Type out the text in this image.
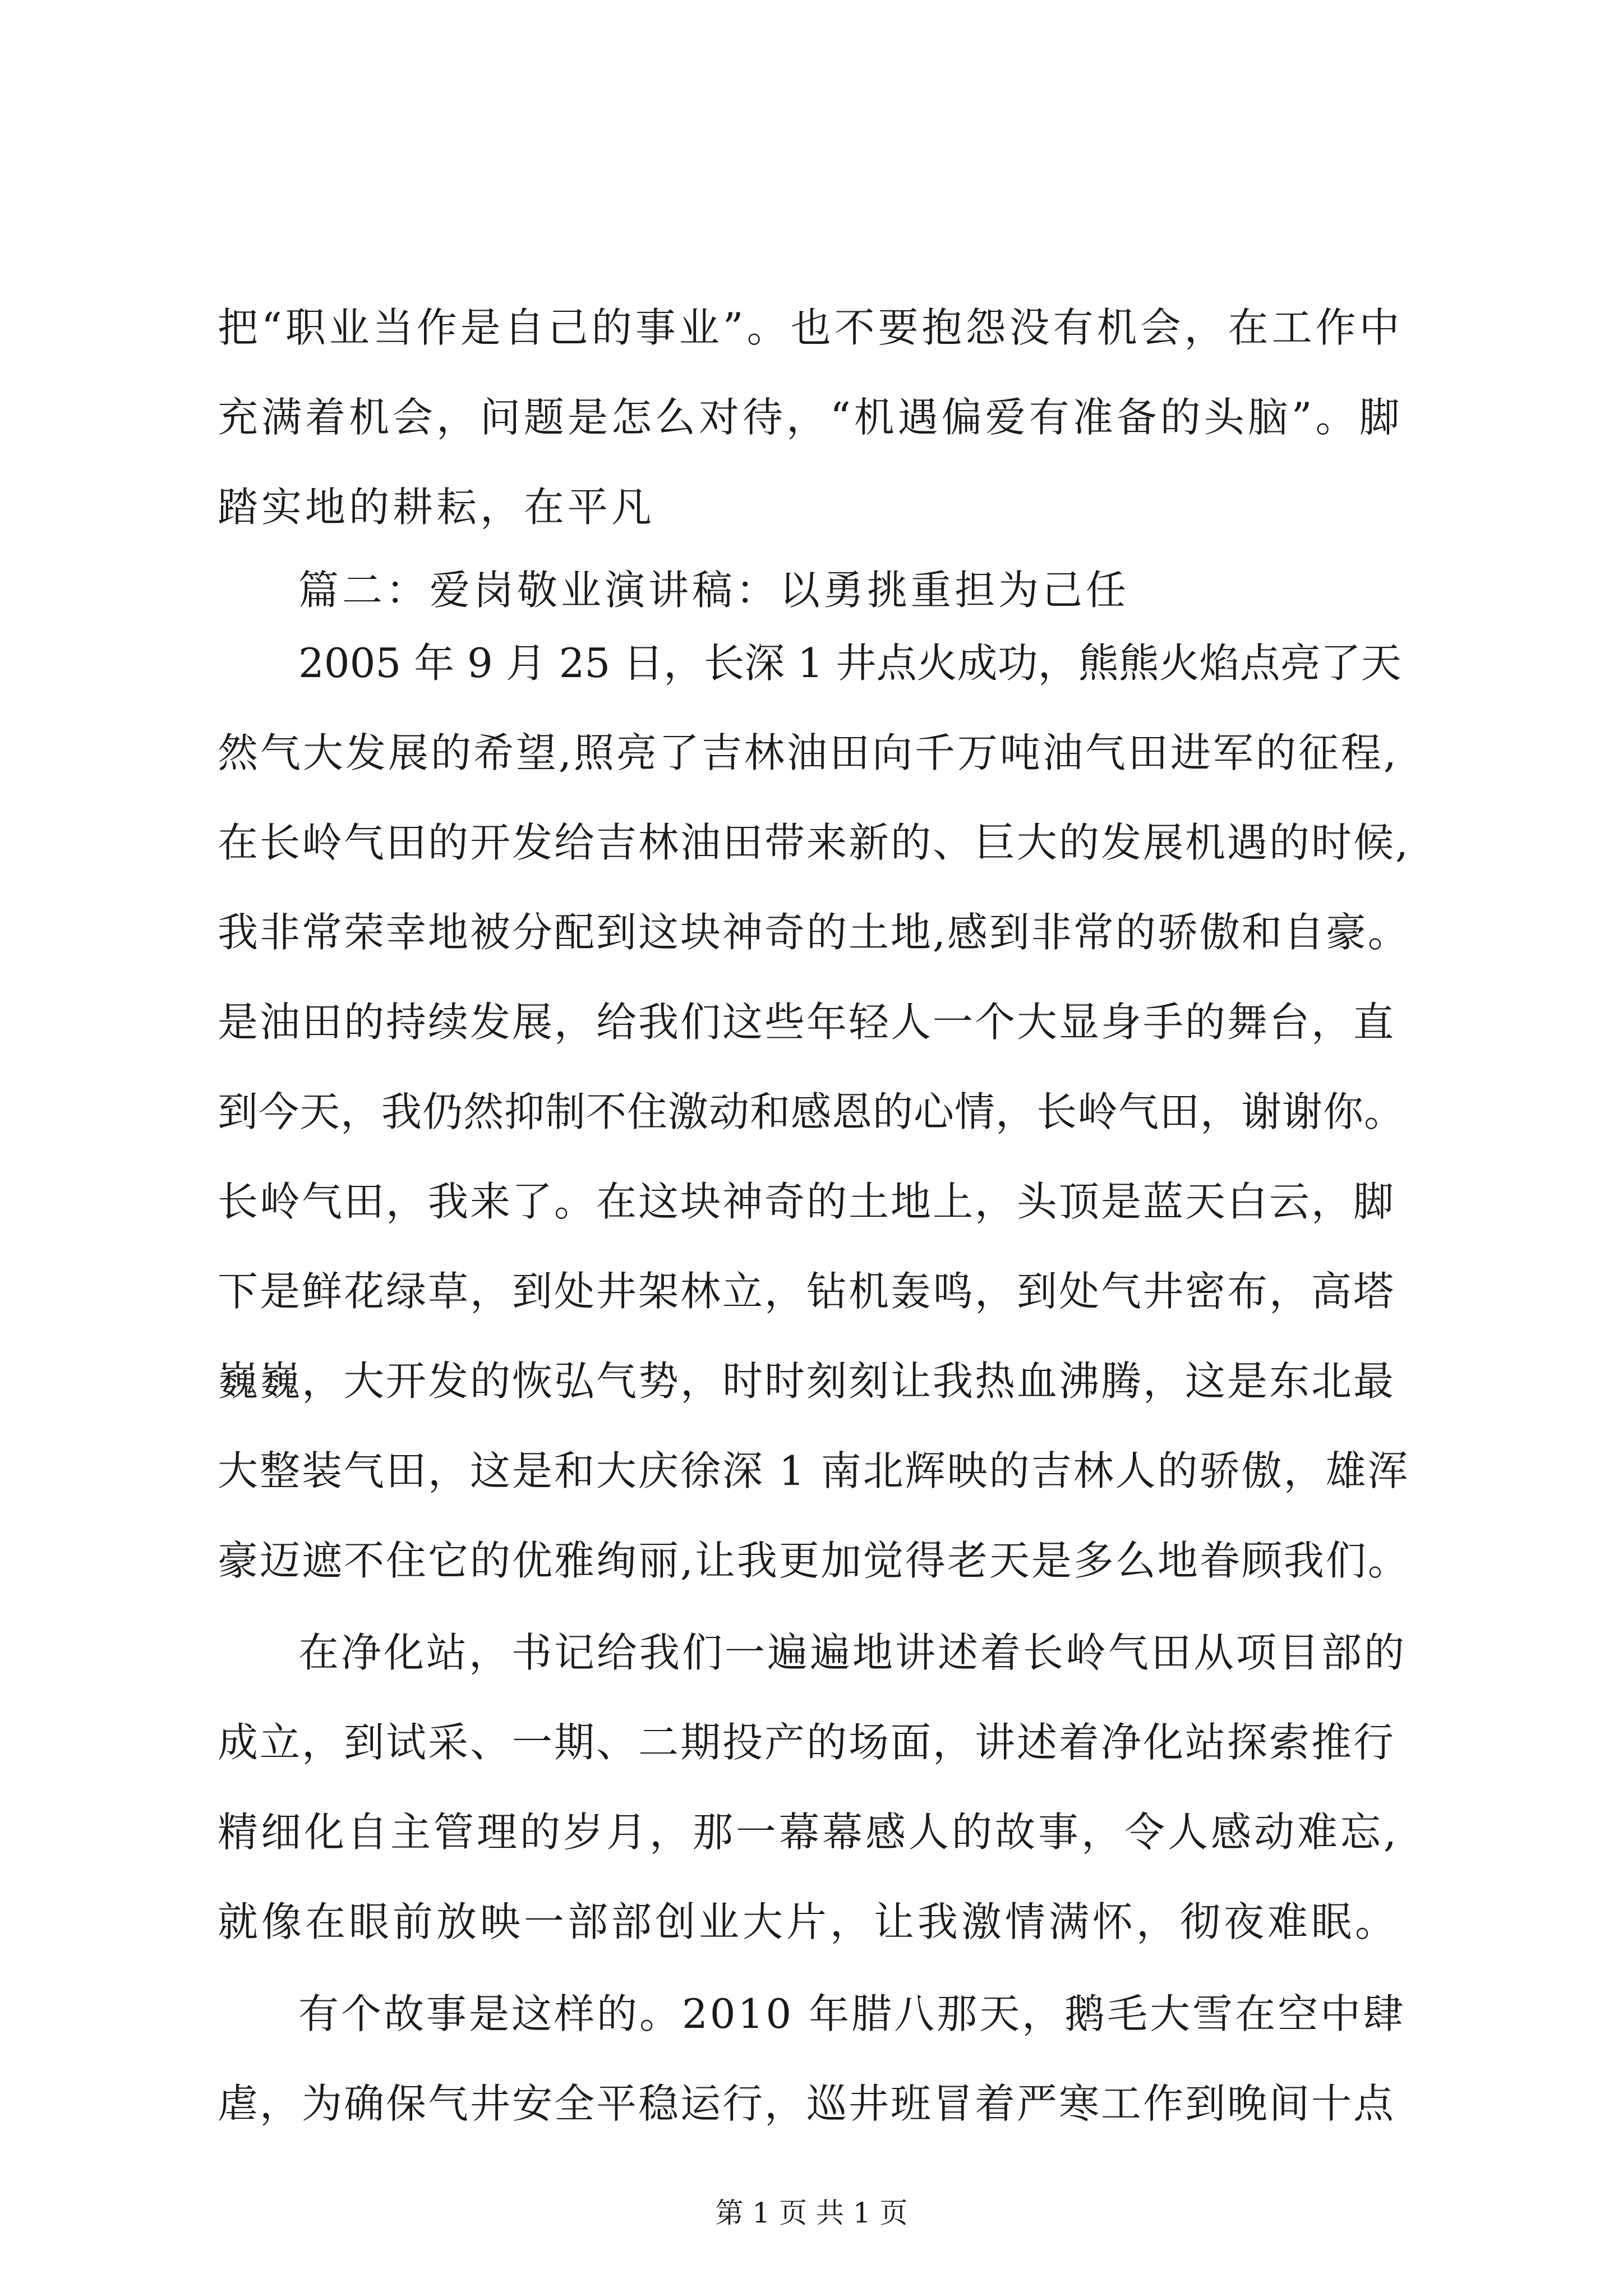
把“职业当作是自己的事业”。也不要抱怨没有机会，在工作中
充满着机会，问题是怎么对待，“机遇偏爱有准备的头脑”。脚
踏实地的耕耘，在平凡
篇二：爱岗敬业演讲稿：以勇挑重担为己任
2005 年 9 月 25 日，长深 1 井点火成功，熊熊火焰点亮了天
然气大发展的希望,照亮了吉林油田向千万吨油气田进军的征程,
在长岭气田的开发给吉林油田带来新的、巨大的发展机遇的时候,
我非常荣幸地被分配到这块神奇的土地,感到非常的骄傲和自豪。
是油田的持续发展，给我们这些年轻人一个大显身手的舞台，直
到今天，我仍然抑制不住激动和感恩的心情，长岭气田，谢谢你。
长岭气田，我来了。在这块神奇的土地上，头顶是蓝天白云，脚
下是鲜花绿草，到处井架林立，钻机轰鸣，到处气井密布，高塔
巍巍，大开发的恢弘气势，时时刻刻让我热血沸腾，这是东北最
大整装气田，这是和大庆徐深 1 南北辉映的吉林人的骄傲，雄浑
豪迈遮不住它的优雅绚丽,让我更加觉得老天是多么地眷顾我们。
在净化站，书记给我们一遍遍地讲述着长岭气田从项目部的
成立，到试采、一期、二期投产的场面，讲述着净化站探索推行
精细化自主管理的岁月，那一幕幕感人的故事，令人感动难忘,
就像在眼前放映一部部创业大片，让我激情满怀，彻夜难眠。
有个故事是这样的。2010 年腊八那天，鹅毛大雪在空中肆
虐，为确保气井安全平稳运行，巡井班冒着严寒工作到晚间十点
第 1 页 共 1 页
